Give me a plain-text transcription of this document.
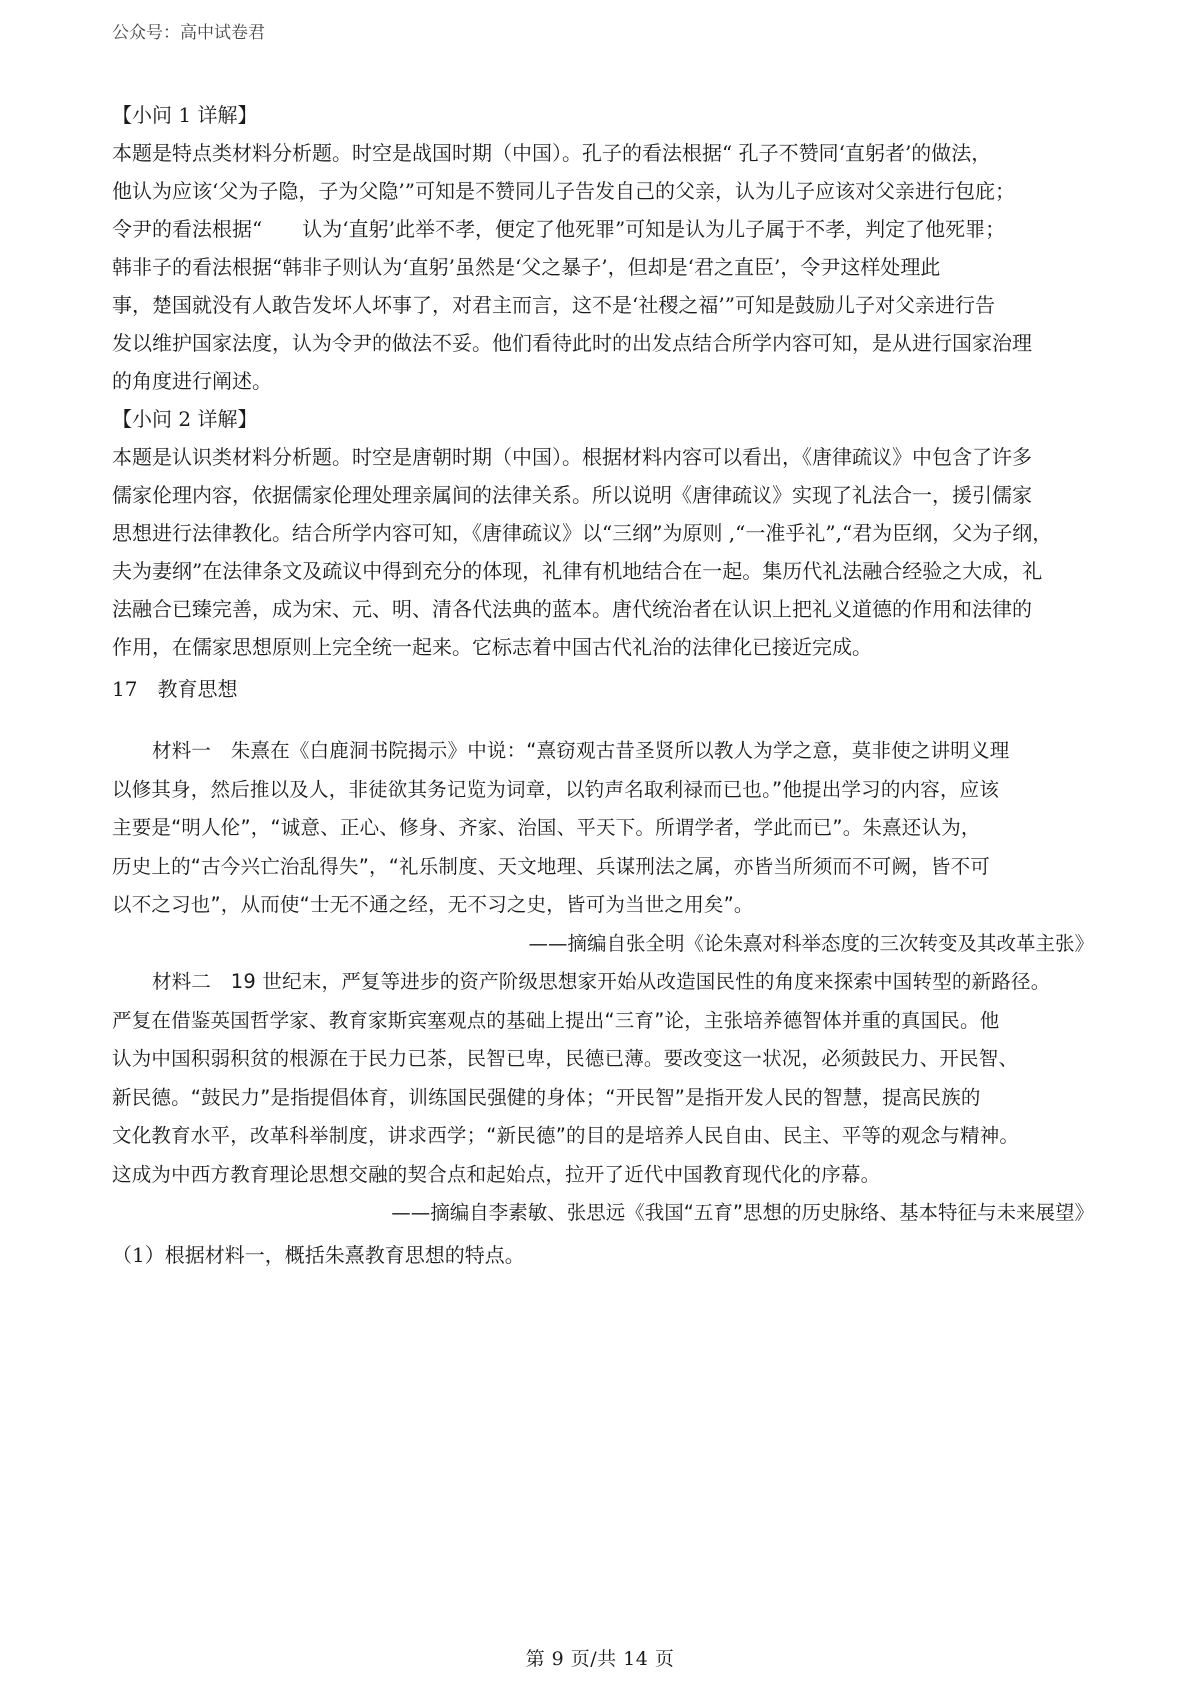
公众号：高中试卷君
【小问 1 详解】
本题是特点类材料分析题。时空是战国时期（中国）。孔子的看法根据“ 孔子不赞同‘直躬者’的做法，
他认为应该‘父为子隐，子为父隐’”可知是不赞同儿子告发自己的父亲，认为儿子应该对父亲进行包庇；
令尹的看法根据“　　认为‘直躬’此举不孝，便定了他死罪”可知是认为儿子属于不孝，判定了他死罪；
韩非子的看法根据“韩非子则认为‘直躬’虽然是‘父之暴子’，但却是‘君之直臣’，令尹这样处理此
事，楚国就没有人敢告发坏人坏事了，对君主而言，这不是‘社稷之福’”可知是鼓励儿子对父亲进行告
发以维护国家法度，认为令尹的做法不妥。他们看待此时的出发点结合所学内容可知，是从进行国家治理
的角度进行阐述。
【小问 2 详解】
本题是认识类材料分析题。时空是唐朝时期（中国）。根据材料内容可以看出，《唐律疏议》中包含了许多
儒家伦理内容，依据儒家伦理处理亲属间的法律关系。所以说明《唐律疏议》实现了礼法合一，援引儒家
思想进行法律教化。结合所学内容可知，《唐律疏议》以“三纲”为原则 ,“一准乎礼”,“君为臣纲，父为子纲，
夫为妻纲”在法律条文及疏议中得到充分的体现，礼律有机地结合在一起。集历代礼法融合经验之大成，礼
法融合已臻完善，成为宋、元、明、清各代法典的蓝本。唐代统治者在认识上把礼义道德的作用和法律的
作用，在儒家思想原则上完全统一起来。它标志着中国古代礼治的法律化已接近完成。
17　教育思想
材料一　朱熹在《白鹿洞书院揭示》中说：“熹窃观古昔圣贤所以教人为学之意，莫非使之讲明义理
以修其身，然后推以及人，非徒欲其务记览为词章，以钓声名取利禄而已也。”他提出学习的内容，应该
主要是“明人伦”，“诚意、正心、修身、齐家、治国、平天下。所谓学者，学此而已”。朱熹还认为，
历史上的“古今兴亡治乱得失”，“礼乐制度、天文地理、兵谋刑法之属，亦皆当所须而不可阙，皆不可
以不之习也”，从而使“士无不通之经，无不习之史，皆可为当世之用矣”。
——摘编自张全明《论朱熹对科举态度的三次转变及其改革主张》
材料二　19 世纪末，严复等进步的资产阶级思想家开始从改造国民性的角度来探索中国转型的新路径。
严复在借鉴英国哲学家、教育家斯宾塞观点的基础上提出“三育”论，主张培养德智体并重的真国民。他
认为中国积弱积贫的根源在于民力已茶，民智已卑，民德已薄。要改变这一状况，必须鼓民力、开民智、
新民德。“鼓民力”是指提倡体育，训练国民强健的身体；“开民智”是指开发人民的智慧，提高民族的
文化教育水平，改革科举制度，讲求西学；“新民德”的目的是培养人民自由、民主、平等的观念与精神。
这成为中西方教育理论思想交融的契合点和起始点，拉开了近代中国教育现代化的序幕。
——摘编自李素敏、张思远《我国“五育”思想的历史脉络、基本特征与未来展望》
（1）根据材料一，概括朱熹教育思想的特点。
第 9 页/共 14 页
